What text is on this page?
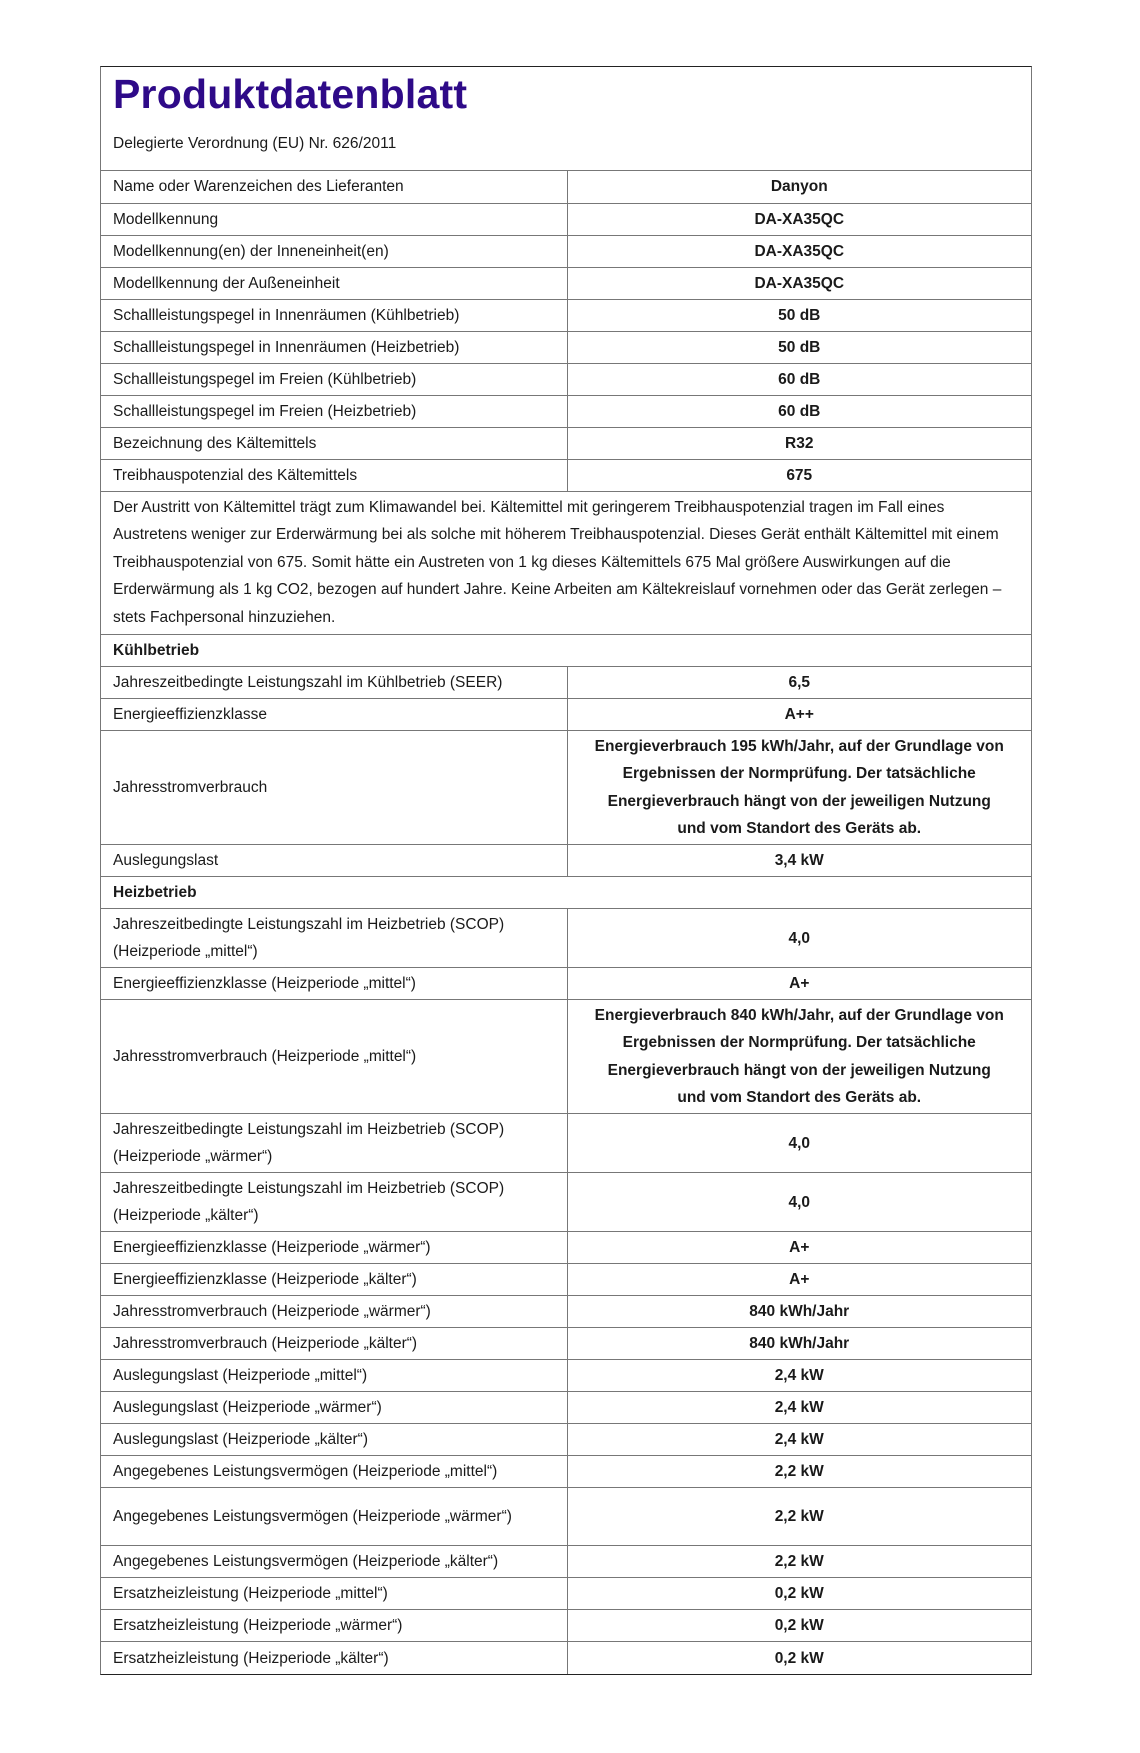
Produktdatenblatt
Delegierte Verordnung (EU) Nr. 626/2011
Name oder Warenzeichen des Lieferanten	Danyon
Modellkennung	DA-XA35QC
Modellkennung(en) der Inneneinheit(en)	DA-XA35QC
Modellkennung der Außeneinheit	DA-XA35QC
Schallleistungspegel in Innenräumen (Kühlbetrieb)	50 dB
Schallleistungspegel in Innenräumen (Heizbetrieb)	50 dB
Schallleistungspegel im Freien (Kühlbetrieb)	60 dB
Schallleistungspegel im Freien (Heizbetrieb)	60 dB
Bezeichnung des Kältemittels	R32
Treibhauspotenzial des Kältemittels	675
Der Austritt von Kältemittel trägt zum Klimawandel bei. Kältemittel mit geringerem Treibhauspotenzial tragen im Fall eines Austretens weniger zur Erderwärmung bei als solche mit höherem Treibhauspotenzial. Dieses Gerät enthält Kältemittel mit einem Treibhauspotenzial von 675. Somit hätte ein Austreten von 1 kg dieses Kältemittels 675 Mal größere Auswirkungen auf die Erderwärmung als 1 kg CO2, bezogen auf hundert Jahre. Keine Arbeiten am Kältekreislauf vornehmen oder das Gerät zerlegen – stets Fachpersonal hinzuziehen.	
Kühlbetrieb	
Jahreszeitbedingte Leistungszahl im Kühlbetrieb (SEER)	6,5
Energieeffizienzklasse	A++
Jahresstromverbrauch	Energieverbrauch 195 kWh/Jahr, auf der Grundlage von Ergebnissen der Normprüfung. Der tatsächliche Energieverbrauch hängt von der jeweiligen Nutzung und vom Standort des Geräts ab.
Auslegungslast	3,4 kW
Heizbetrieb	
Jahreszeitbedingte Leistungszahl im Heizbetrieb (SCOP) (Heizperiode „mittel“)	4,0
Energieeffizienzklasse (Heizperiode „mittel“)	A+
Jahresstromverbrauch (Heizperiode „mittel“)	Energieverbrauch 840 kWh/Jahr, auf der Grundlage von Ergebnissen der Normprüfung. Der tatsächliche Energieverbrauch hängt von der jeweiligen Nutzung und vom Standort des Geräts ab.
Jahreszeitbedingte Leistungszahl im Heizbetrieb (SCOP) (Heizperiode „wärmer“)	4,0
Jahreszeitbedingte Leistungszahl im Heizbetrieb (SCOP) (Heizperiode „kälter“)	4,0
Energieeffizienzklasse (Heizperiode „wärmer“)	A+
Energieeffizienzklasse (Heizperiode „kälter“)	A+
Jahresstromverbrauch (Heizperiode „wärmer“)	840 kWh/Jahr
Jahresstromverbrauch (Heizperiode „kälter“)	840 kWh/Jahr
Auslegungslast (Heizperiode „mittel“)	2,4 kW
Auslegungslast (Heizperiode „wärmer“)	2,4 kW
Auslegungslast (Heizperiode „kälter“)	2,4 kW
Angegebenes Leistungsvermögen (Heizperiode „mittel“)	2,2 kW
Angegebenes Leistungsvermögen (Heizperiode „wärmer“)	2,2 kW
Angegebenes Leistungsvermögen (Heizperiode „kälter“)	2,2 kW
Ersatzheizleistung (Heizperiode „mittel“)	0,2 kW
Ersatzheizleistung (Heizperiode „wärmer“)	0,2 kW
Ersatzheizleistung (Heizperiode „kälter“)	0,2 kW
